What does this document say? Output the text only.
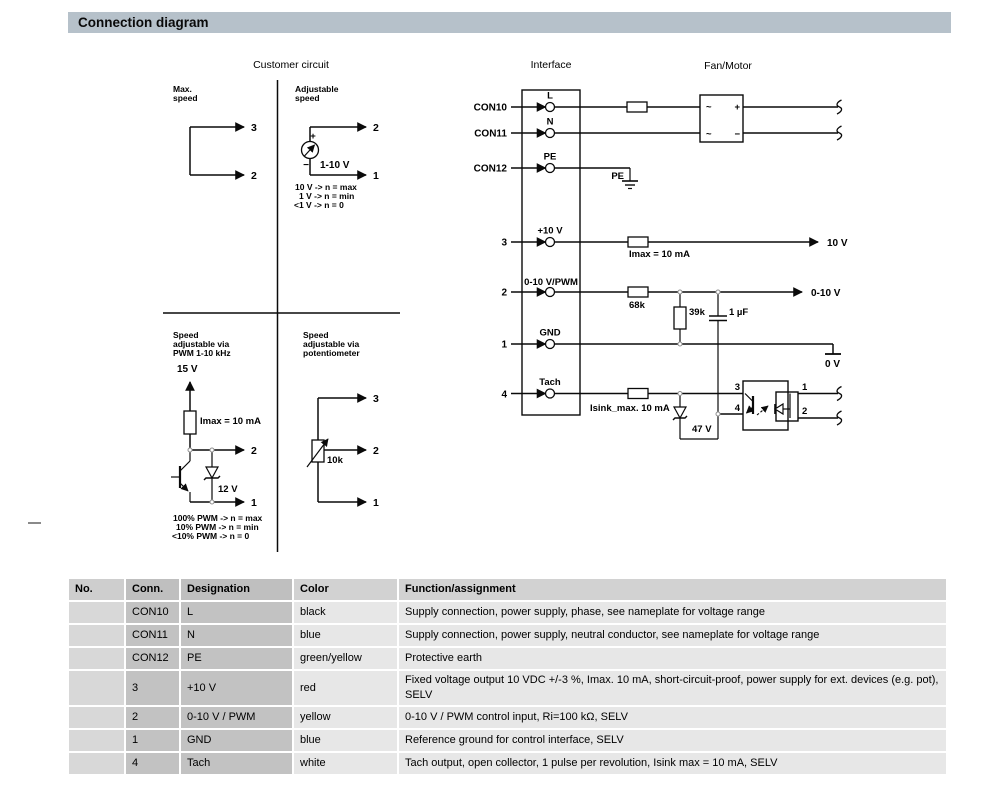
Connection diagram
Customer circuit	Interface	Fan/Motor
Max.
speed
3
2
Adjustable
speed
+
− 1-10 V
2
1
10 V -> n = max
1 V -> n = min
<1 V -> n = 0
Speed
adjustable via
PWM 1-10 kHz
15 V
Imax = 10 mA
2
12 V
1
100% PWM -> n = max
10% PWM -> n = min
<10% PWM -> n = 0
Speed
adjustable via
potentiometer
10k
3
2
1
L
CON10
N
CON11
PE
CON12
+10 V
3
0-10 V/PWM
2
GND
1
Tach
4
PE
Imax = 10 mA
10 V
68k
0-10 V
39k	1 µF
0 V
Isink_max. 10 mA
47 V
3
4
1
2
~ +
~ −
No.	Conn.	Designation	Color	Function/assignment
	CON10	L	black	Supply connection, power supply, phase, see nameplate for voltage range
	CON11	N	blue	Supply connection, power supply, neutral conductor, see nameplate for voltage range
	CON12	PE	green/yellow	Protective earth
	3	+10 V	red	Fixed voltage output 10 VDC +/-3 %, Imax. 10 mA, short-circuit-proof, power supply for ext. devices (e.g. pot), SELV
	2	0-10 V / PWM	yellow	0-10 V / PWM control input, Ri=100 kΩ, SELV
	1	GND	blue	Reference ground for control interface, SELV
	4	Tach	white	Tach output, open collector, 1 pulse per revolution, Isink max = 10 mA, SELV
